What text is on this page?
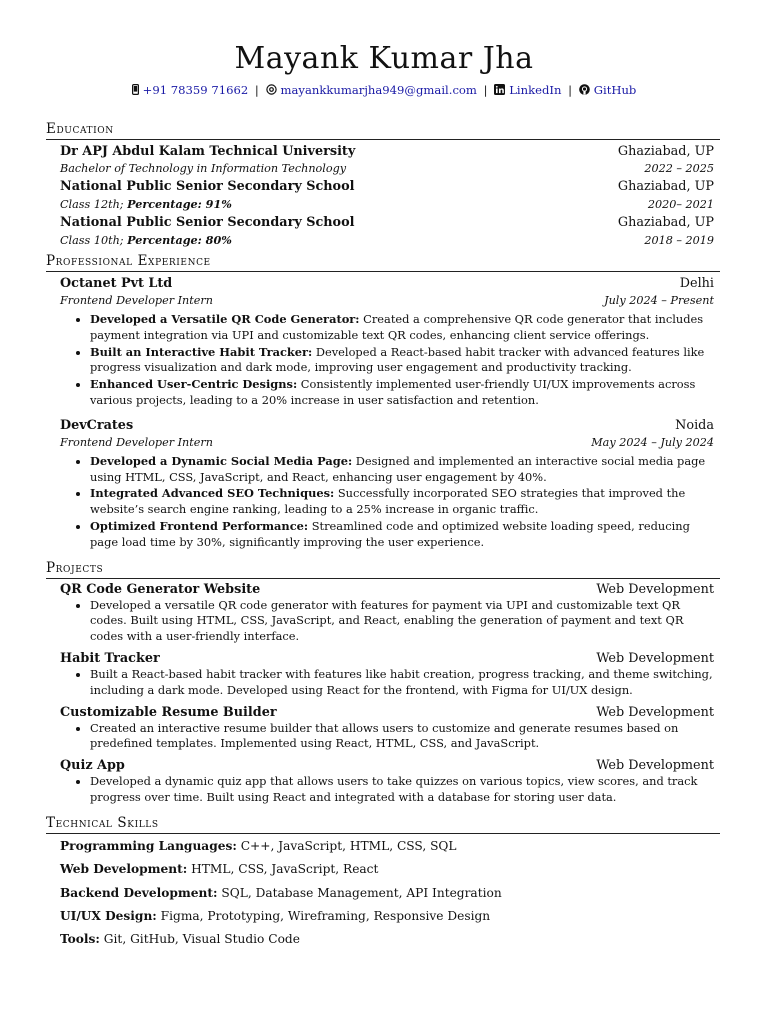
Mayank Kumar Jha
+91 78359 71662 | mayankkumarjha949@gmail.com | LinkedIn | GitHub
Education
Dr APJ Abdul Kalam Technical University	Ghaziabad, UP
Bachelor of Technology in Information Technology	2022 – 2025
National Public Senior Secondary School	Ghaziabad, UP
Class 12th; Percentage: 91%	2020– 2021
National Public Senior Secondary School	Ghaziabad, UP
Class 10th; Percentage: 80%	2018 – 2019
Professional Experience
Octanet Pvt Ltd	Delhi
Frontend Developer Intern	July 2024 – Present
• Developed a Versatile QR Code Generator: Created a comprehensive QR code generator that includes payment integration via UPI and customizable text QR codes, enhancing client service offerings.
• Built an Interactive Habit Tracker: Developed a React-based habit tracker with advanced features like progress visualization and dark mode, improving user engagement and productivity tracking.
• Enhanced User-Centric Designs: Consistently implemented user-friendly UI/UX improvements across various projects, leading to a 20% increase in user satisfaction and retention.
DevCrates	Noida
Frontend Developer Intern	May 2024 – July 2024
• Developed a Dynamic Social Media Page: Designed and implemented an interactive social media page using HTML, CSS, JavaScript, and React, enhancing user engagement by 40%.
• Integrated Advanced SEO Techniques: Successfully incorporated SEO strategies that improved the website’s search engine ranking, leading to a 25% increase in organic traffic.
• Optimized Frontend Performance: Streamlined code and optimized website loading speed, reducing page load time by 30%, significantly improving the user experience.
Projects
QR Code Generator Website	Web Development
• Developed a versatile QR code generator with features for payment via UPI and customizable text QR codes. Built using HTML, CSS, JavaScript, and React, enabling the generation of payment and text QR codes with a user-friendly interface.
Habit Tracker	Web Development
• Built a React-based habit tracker with features like habit creation, progress tracking, and theme switching, including a dark mode. Developed using React for the frontend, with Figma for UI/UX design.
Customizable Resume Builder	Web Development
• Created an interactive resume builder that allows users to customize and generate resumes based on predefined templates. Implemented using React, HTML, CSS, and JavaScript.
Quiz App	Web Development
• Developed a dynamic quiz app that allows users to take quizzes on various topics, view scores, and track progress over time. Built using React and integrated with a database for storing user data.
Technical Skills
Programming Languages: C++, JavaScript, HTML, CSS, SQL
Web Development: HTML, CSS, JavaScript, React
Backend Development: SQL, Database Management, API Integration
UI/UX Design: Figma, Prototyping, Wireframing, Responsive Design
Tools: Git, GitHub, Visual Studio Code
